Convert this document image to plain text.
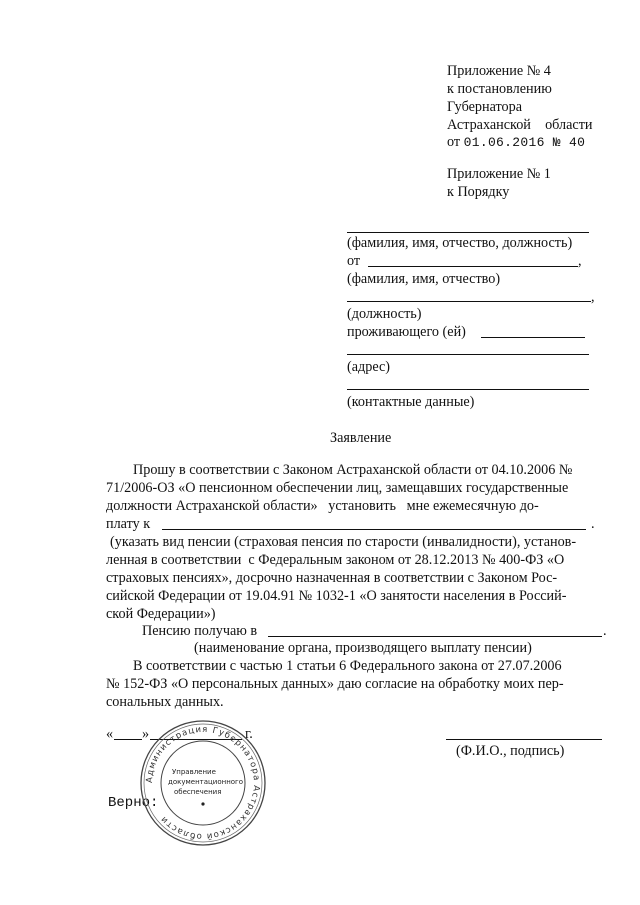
Приложение № 4
к постановлению
Губернатора
Астраханской    области
от 01.06.2016 № 40
Приложение № 1
к Порядку
(фамилия, имя, отчество, должность)
от	,
(фамилия, имя, отчество)
,
(должность)
проживающего (ей)
(адрес)
(контактные данные)
Заявление
Прошу в соответствии с Законом Астраханской области от 04.10.2006 №
71/2006-ОЗ «О пенсионном обеспечении лиц, замещавших государственные
должности Астраханской области»   установить   мне ежемесячную до-
плату к	.
(указать вид пенсии (страховая пенсия по старости (инвалидности), установ-
ленная в соответствии  с Федеральным законом от 28.12.2013 № 400-ФЗ «О
страховых пенсиях», досрочно назначенная в соответствии с Законом Рос-
сийской Федерации от 19.04.91 № 1032-1 «О занятости населения в Россий-
ской Федерации»)
Пенсию получаю в	.
(наименование органа, производящего выплату пенсии)
В соответствии с частью 1 статьи 6 Федерального закона от 27.07.2006
№ 152-ФЗ «О персональных данных» даю согласие на обработку моих пер-
сональных данных.
« »	г.
(Ф.И.О., подпись)
Верно:
Администрация Губернатора Астраханской области
Управление
документационного
обеспечения
